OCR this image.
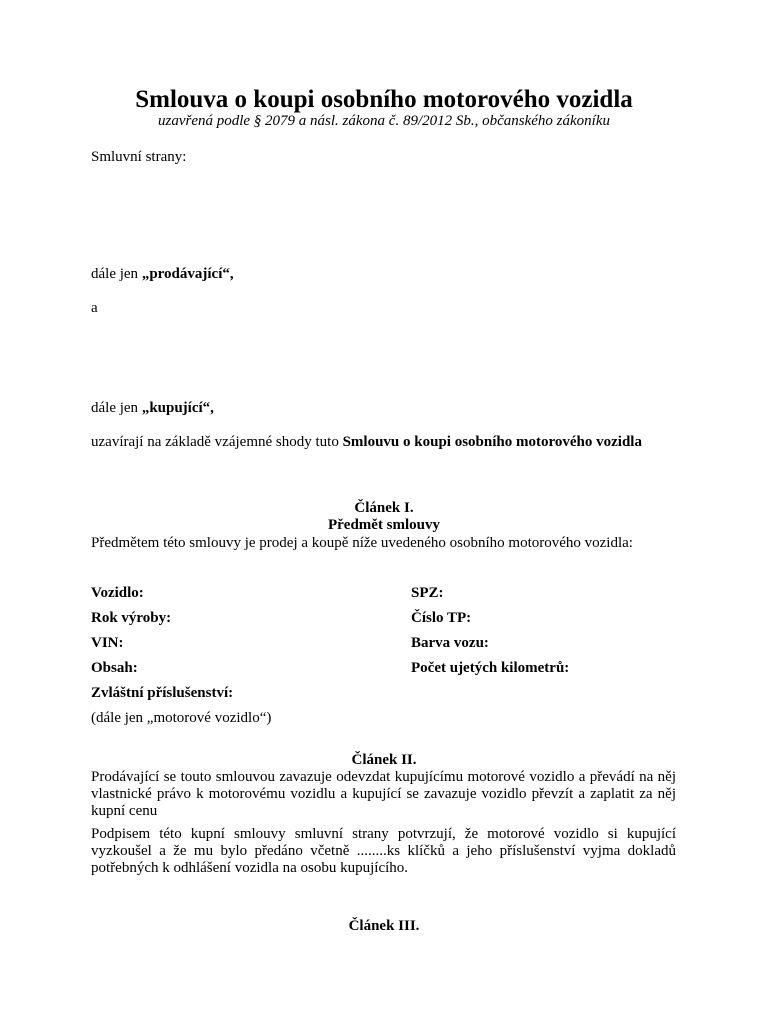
Smlouva o koupi osobního motorového vozidla
uzavřená podle § 2079 a násl. zákona č. 89/2012 Sb., občanského zákoníku
Smluvní strany:
dále jen „prodávající“,
a
dále jen „kupující“,
uzavírají na základě vzájemné shody tuto Smlouvu o koupi osobního motorového vozidla
Článek I.
Předmět smlouvy
Předmětem této smlouvy je prodej a koupě níže uvedeného osobního motorového vozidla:
Vozidlo:
Rok výroby:
VIN:
Obsah:
Zvláštní příslušenství:
SPZ:
Číslo TP:
Barva vozu:
Počet ujetých kilometrů:
(dále jen „motorové vozidlo“)
Článek II.
Prodávající se touto smlouvou zavazuje odevzdat kupujícímu motorové vozidlo a převádí na něj vlastnické právo k motorovému vozidlu a kupující se zavazuje vozidlo převzít a zaplatit za něj kupní cenu
Podpisem této kupní smlouvy smluvní strany potvrzují, že motorové vozidlo si kupující vyzkoušel a že mu bylo předáno včetně ........ks klíčků a jeho příslušenství vyjma dokladů potřebných k odhlášení vozidla na osobu kupujícího.
Článek III.
